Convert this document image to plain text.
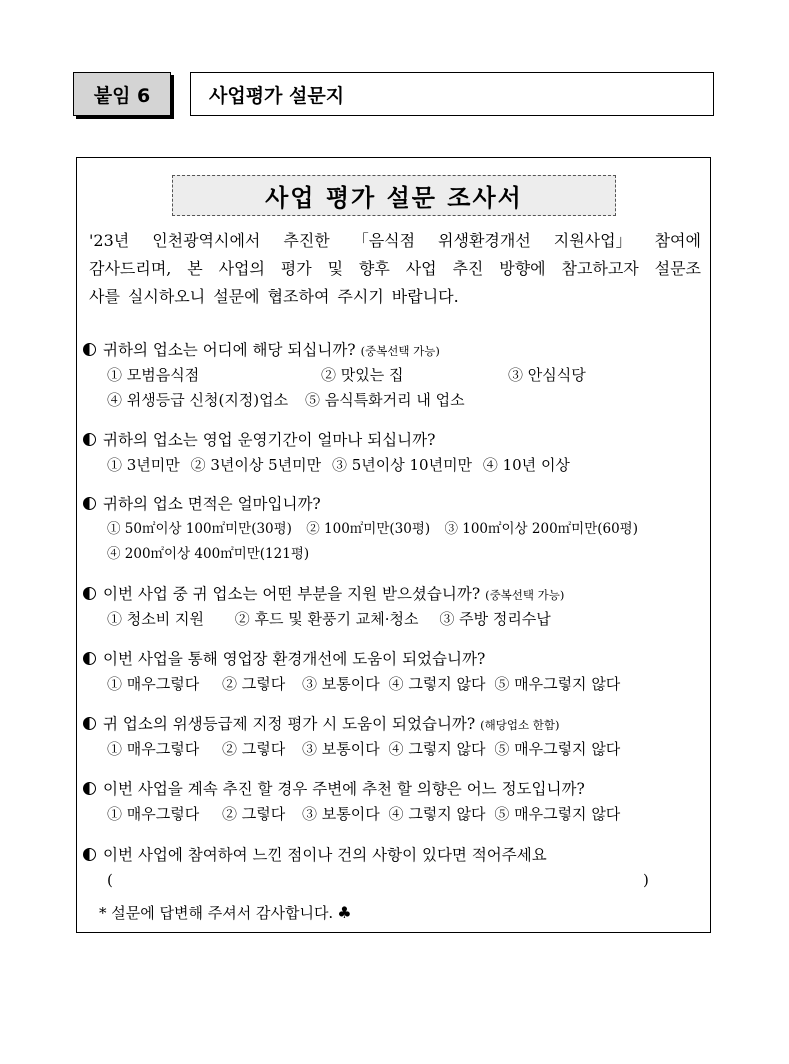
붙임 6	사업평가 설문지
사업 평가 설문 조사서
'23년 인천광역시에서 추진한 「음식점 위생환경개선 지원사업」 참여에
감사드리며, 본 사업의 평가 및 향후 사업 추진 방향에 참고하고자 설문조
사를 실시하오니 설문에 협조하여 주시기 바랍니다.
귀하의 업소는 어디에 해당 되십니까? (중복선택 가능)
① 모범음식점	② 맛있는 집	③ 안심식당
④ 위생등급 신청(지정)업소 ⑤ 음식특화거리 내 업소
귀하의 업소는 영업 운영기간이 얼마나 되십니까?
① 3년미만 ② 3년이상 5년미만 ③ 5년이상 10년미만 ④ 10년 이상
귀하의 업소 면적은 얼마입니까?
① 50㎡이상 100㎡미만(30평) ② 100㎡미만(30평) ③ 100㎡이상 200㎡미만(60평)
④ 200㎡이상 400㎡미만(121평)
이번 사업 중 귀 업소는 어떤 부분을 지원 받으셨습니까? (중복선택 가능)
① 청소비 지원 ② 후드 및 환풍기 교체·청소 ③ 주방 정리수납
이번 사업을 통해 영업장 환경개선에 도움이 되었습니까?
① 매우그렇다 ② 그렇다 ③ 보통이다 ④ 그렇지 않다 ⑤ 매우그렇지 않다
귀 업소의 위생등급제 지정 평가 시 도움이 되었습니까? (해당업소 한함)
① 매우그렇다 ② 그렇다 ③ 보통이다 ④ 그렇지 않다 ⑤ 매우그렇지 않다
이번 사업을 계속 추진 할 경우 주변에 추천 할 의향은 어느 정도입니까?
① 매우그렇다 ② 그렇다 ③ 보통이다 ④ 그렇지 않다 ⑤ 매우그렇지 않다
이번 사업에 참여하여 느낀 점이나 건의 사항이 있다면 적어주세요
(	)
* 설문에 답변해 주셔서 감사합니다. ♣
